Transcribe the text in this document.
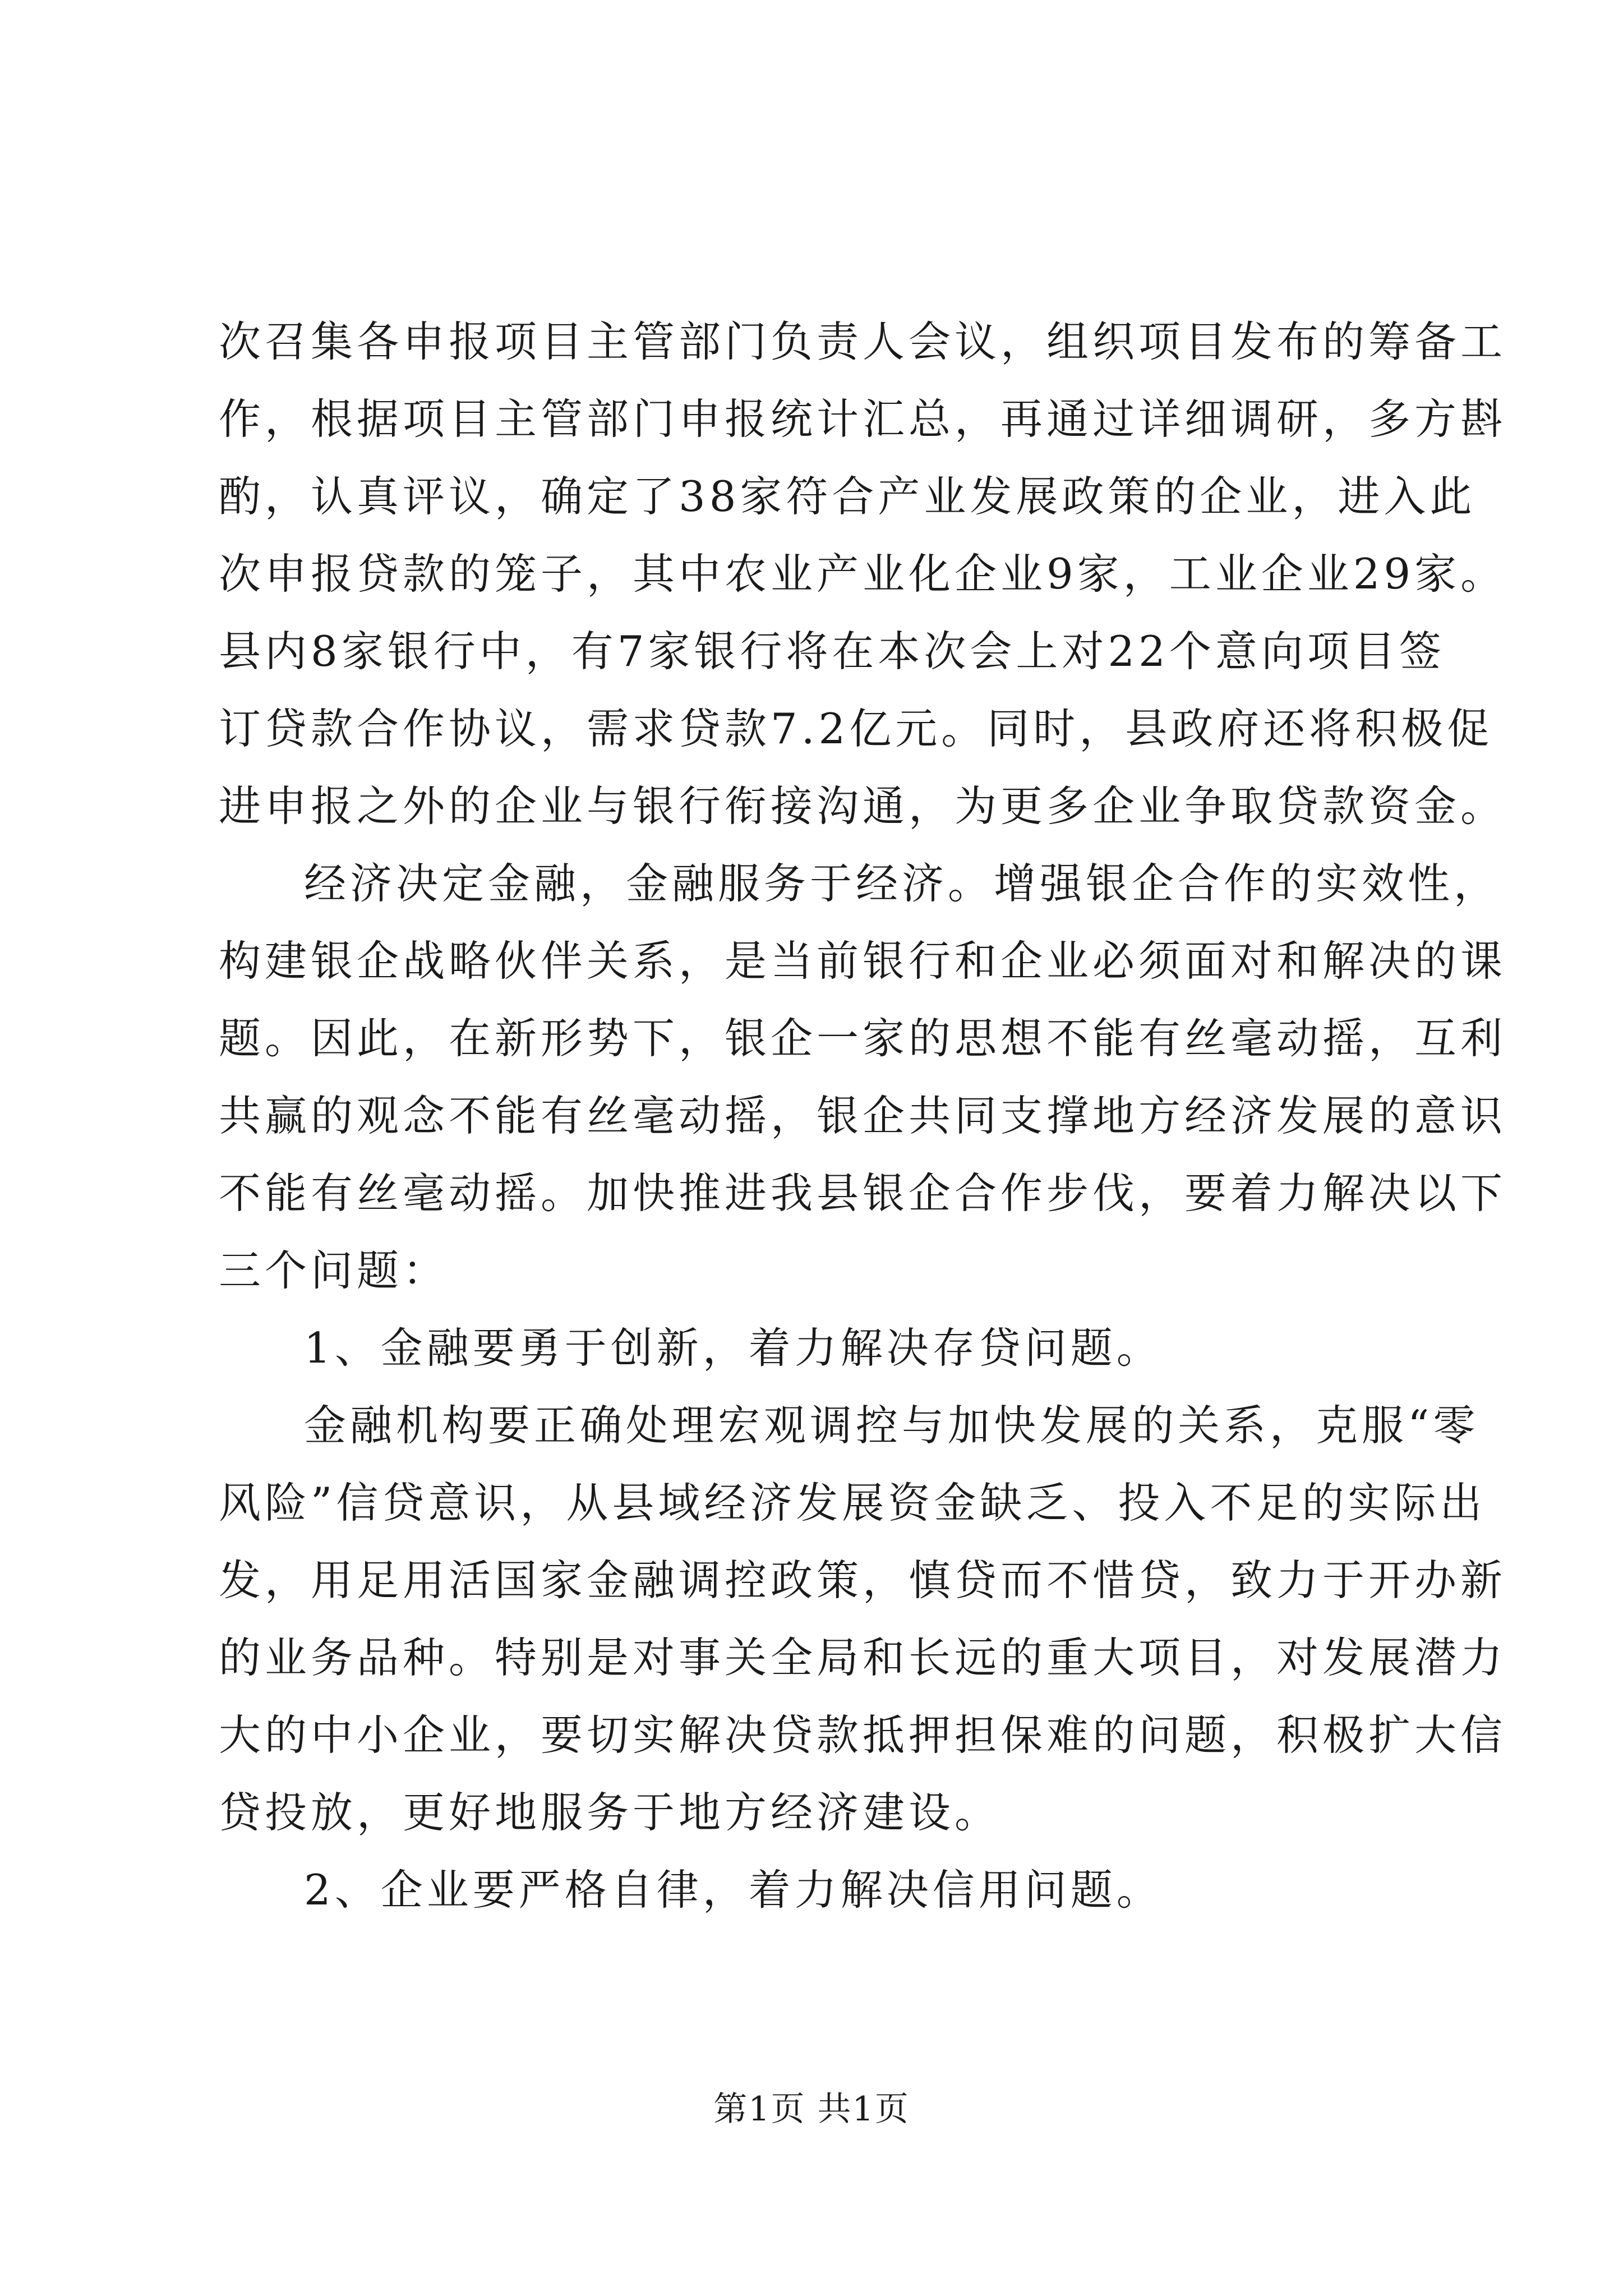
次召集各申报项目主管部门负责人会议，组织项目发布的筹备工
作，根据项目主管部门申报统计汇总，再通过详细调研，多方斟
酌，认真评议，确定了38家符合产业发展政策的企业，进入此
次申报贷款的笼子，其中农业产业化企业9家，工业企业29家。
县内8家银行中，有7家银行将在本次会上对22个意向项目签
订贷款合作协议，需求贷款7.2亿元。同时，县政府还将积极促
进申报之外的企业与银行衔接沟通，为更多企业争取贷款资金。
经济决定金融，金融服务于经济。增强银企合作的实效性，
构建银企战略伙伴关系，是当前银行和企业必须面对和解决的课
题。因此，在新形势下，银企一家的思想不能有丝毫动摇，互利
共赢的观念不能有丝毫动摇，银企共同支撑地方经济发展的意识
不能有丝毫动摇。加快推进我县银企合作步伐，要着力解决以下
三个问题：
1、金融要勇于创新，着力解决存贷问题。
金融机构要正确处理宏观调控与加快发展的关系，克服“零
风险”信贷意识，从县域经济发展资金缺乏、投入不足的实际出
发，用足用活国家金融调控政策，慎贷而不惜贷，致力于开办新
的业务品种。特别是对事关全局和长远的重大项目，对发展潜力
大的中小企业，要切实解决贷款抵押担保难的问题，积极扩大信
贷投放，更好地服务于地方经济建设。
2、企业要严格自律，着力解决信用问题。
第1页 共1页
